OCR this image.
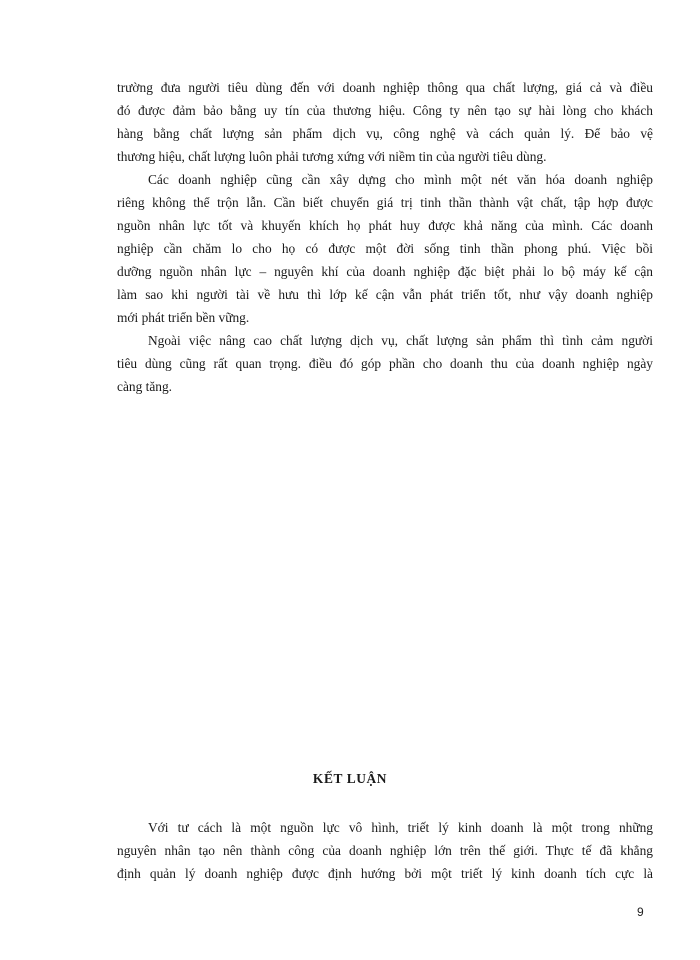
trường đưa người tiêu dùng đến với doanh nghiệp thông qua chất lượng, giá cả và điều
đó được đảm bảo bằng uy tín của thương hiệu. Công ty nên tạo sự hài lòng cho khách
hàng bằng chất lượng sản phẩm dịch vụ, công nghệ và cách quản lý. Để bảo vệ
thương hiệu, chất lượng luôn phải tương xứng với niềm tin của người tiêu dùng.
Các doanh nghiệp cũng cần xây dựng cho mình một nét văn hóa doanh nghiệp
riêng không thể trộn lẫn. Cần biết chuyển giá trị tinh thần thành vật chất, tập hợp được
nguồn nhân lực tốt và khuyến khích họ phát huy được khả năng của mình. Các doanh
nghiệp cần chăm lo cho họ có được một đời sống tinh thần phong phú. Việc bồi
dưỡng nguồn nhân lực – nguyên khí của doanh nghiệp đặc biệt phải lo bộ máy kế cận
làm sao khi người tài về hưu thì lớp kế cận vẫn phát triển tốt, như vậy doanh nghiệp
mới phát triển bền vững.
Ngoài việc nâng cao chất lượng dịch vụ, chất lượng sản phẩm thì tình cảm người
tiêu dùng cũng rất quan trọng. điều đó góp phần cho doanh thu của doanh nghiệp ngày
càng tăng.
KẾT LUẬN
Với tư cách là một nguồn lực vô hình, triết lý kinh doanh là một trong những
nguyên nhân tạo nên thành công của doanh nghiệp lớn trên thế giới. Thực tế đã khẳng
định quản lý doanh nghiệp được định hướng bởi một triết lý kinh doanh tích cực là
9
